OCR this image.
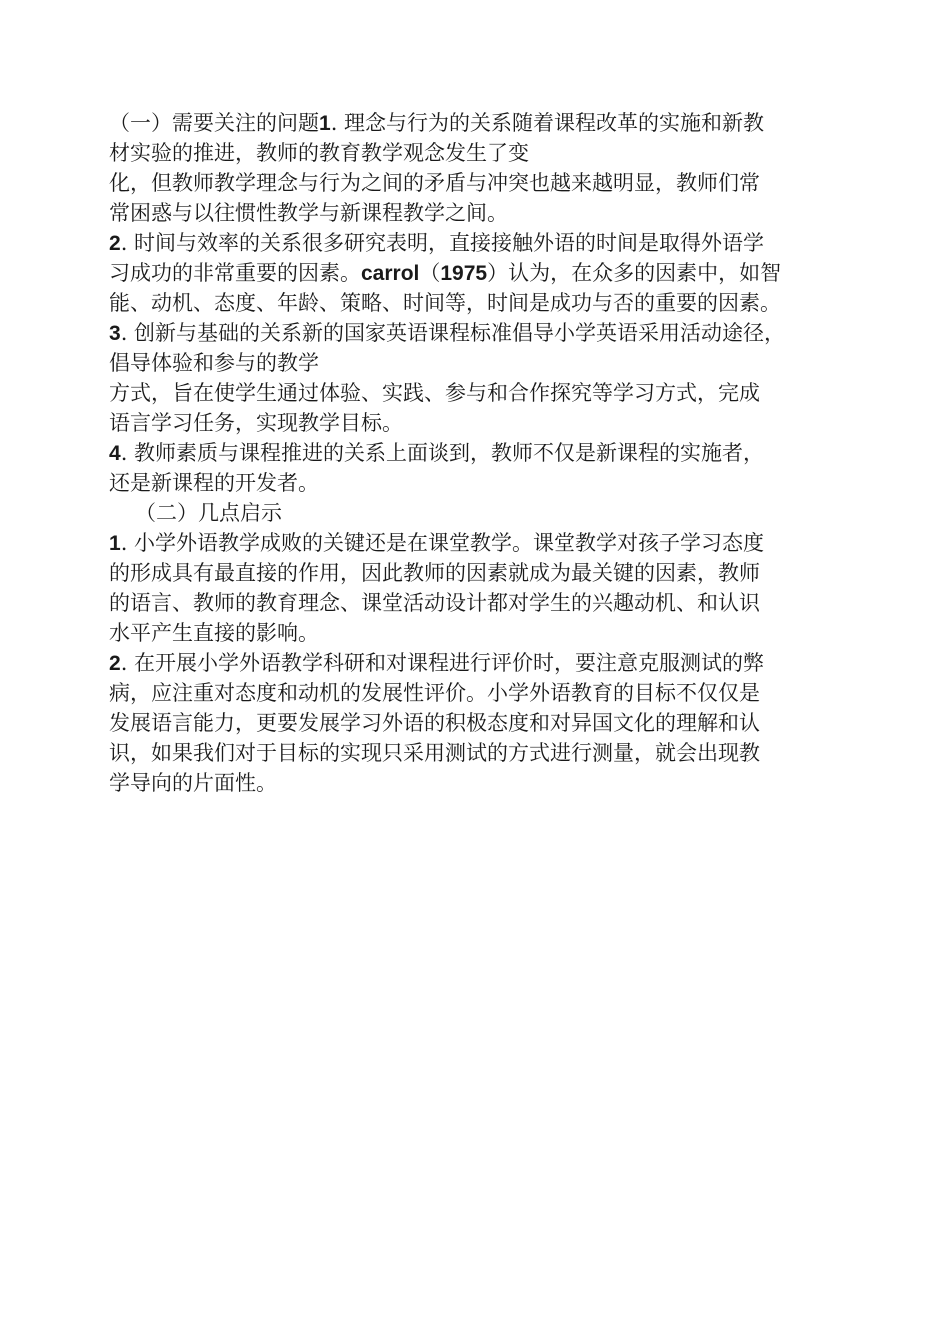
（一）需要关注的问题1. 理念与行为的关系随着课程改革的实施和新教
材实验的推进，教师的教育教学观念发生了变
化，但教师教学理念与行为之间的矛盾与冲突也越来越明显，教师们常
常困惑与以往惯性教学与新课程教学之间。
2. 时间与效率的关系很多研究表明，直接接触外语的时间是取得外语学
习成功的非常重要的因素。carrol（1975）认为，在众多的因素中，如智
能、动机、态度、年龄、策略、时间等，时间是成功与否的重要的因素。
3. 创新与基础的关系新的国家英语课程标准倡导小学英语采用活动途径，
倡导体验和参与的教学
方式，旨在使学生通过体验、实践、参与和合作探究等学习方式，完成
语言学习任务，实现教学目标。
4. 教师素质与课程推进的关系上面谈到，教师不仅是新课程的实施者，
还是新课程的开发者。
（二）几点启示
1. 小学外语教学成败的关键还是在课堂教学。课堂教学对孩子学习态度
的形成具有最直接的作用，因此教师的因素就成为最关键的因素，教师
的语言、教师的教育理念、课堂活动设计都对学生的兴趣动机、和认识
水平产生直接的影响。
2. 在开展小学外语教学科研和对课程进行评价时，要注意克服测试的弊
病，应注重对态度和动机的发展性评价。小学外语教育的目标不仅仅是
发展语言能力，更要发展学习外语的积极态度和对异国文化的理解和认
识，如果我们对于目标的实现只采用测试的方式进行测量，就会出现教
学导向的片面性。
